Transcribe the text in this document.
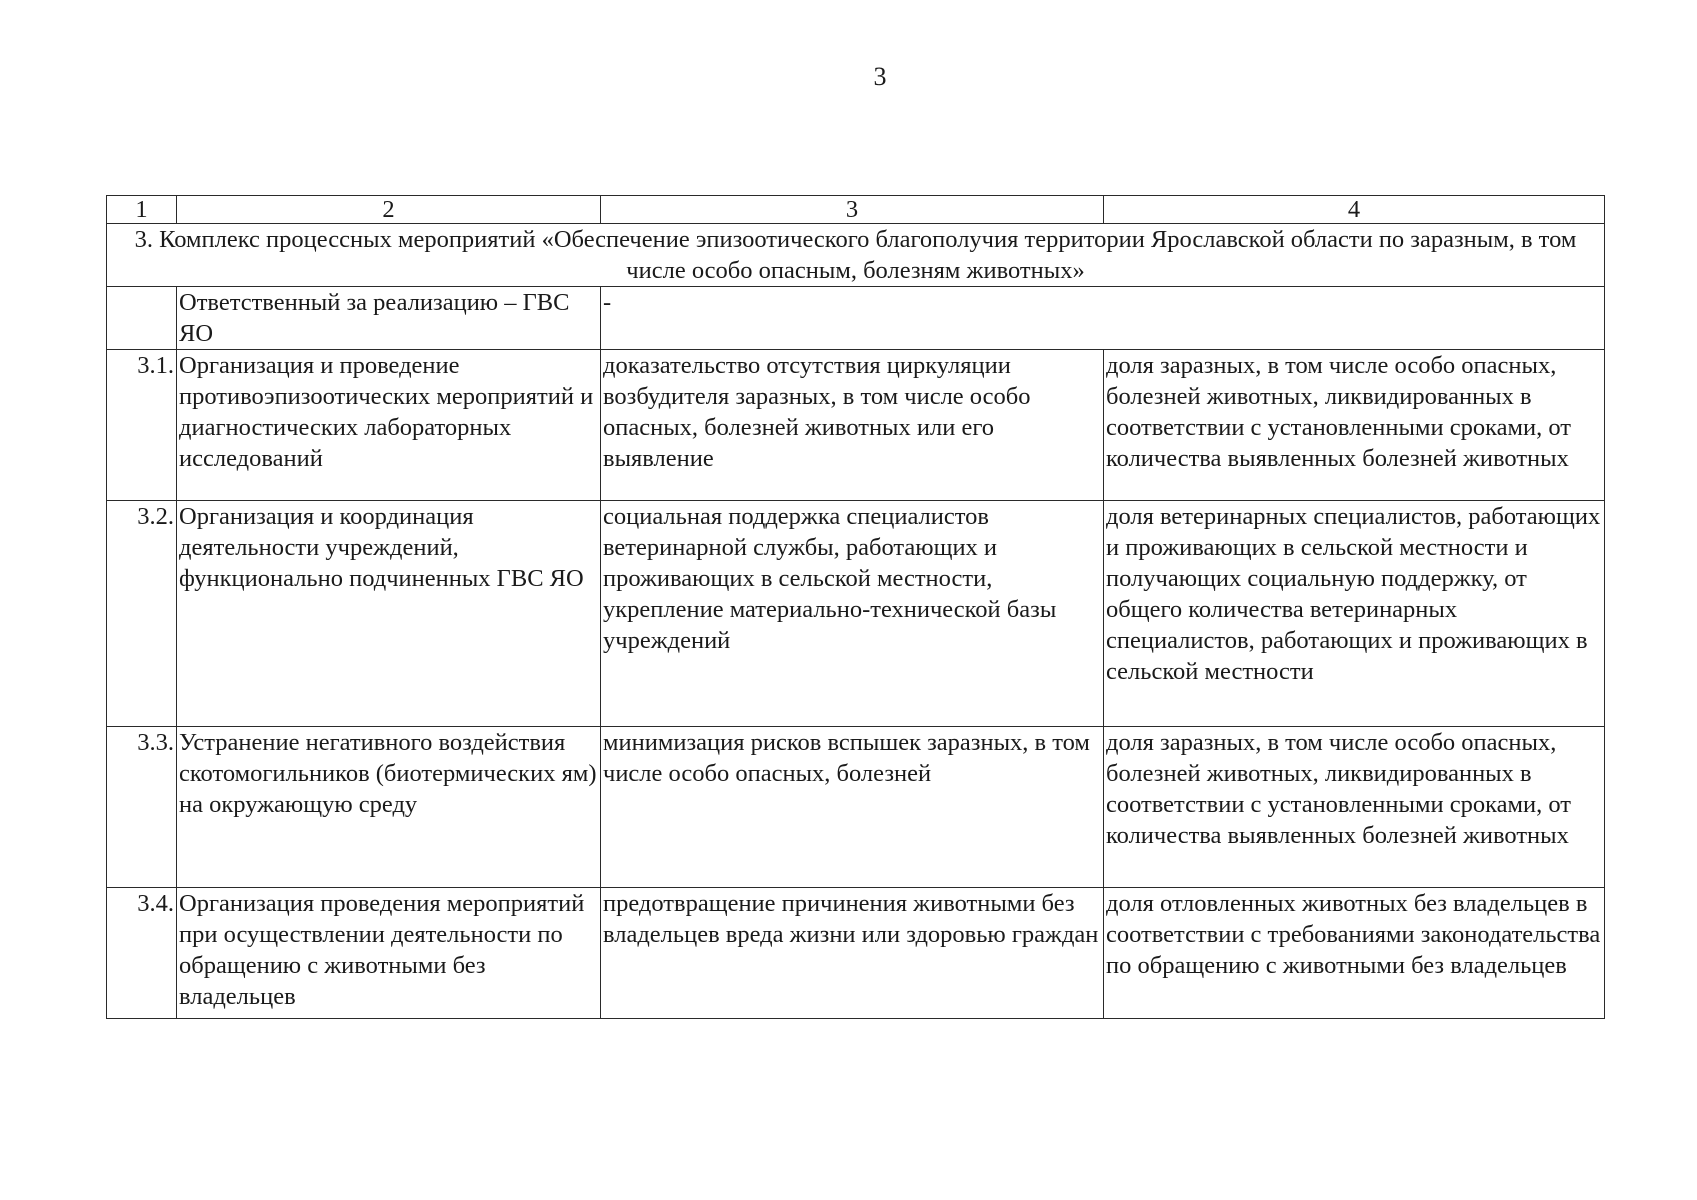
3
1	2	3	4
3. Комплекс процессных мероприятий «Обеспечение эпизоотического благополучия территории Ярославской области по заразным, в том числе особо опасным, болезням животных»			
	Ответственный за реализацию – ГВС ЯО	-	
3.1.	Организация и проведение противоэпизоотических мероприятий и диагностических лабораторных исследований	доказательство отсутствия циркуляции возбудителя заразных, в том числе особо опасных, болезней животных или его выявление	доля заразных, в том числе особо опасных, болезней животных, ликвидированных в соответствии с установленными сроками, от количества выявленных болезней животных
3.2.	Организация и координация деятельности учреждений, функционально подчиненных ГВС ЯО	социальная поддержка специалистов ветеринарной службы, работающих и проживающих в сельской местности, укрепление материально-технической базы учреждений	доля ветеринарных специалистов, работающих и проживающих в сельской местности и получающих социальную поддержку, от общего количества ветеринарных специалистов, работающих и проживающих в сельской местности
3.3.	Устранение негативного воздействия скотомогильников (биотермических ям) на окружающую среду	минимизация рисков вспышек заразных, в том числе особо опасных, болезней	доля заразных, в том числе особо опасных, болезней животных, ликвидированных в соответствии с установленными сроками, от количества выявленных болезней животных
3.4.	Организация проведения мероприятий при осуществлении деятельности по обращению с животными без владельцев	предотвращение причинения животными без владельцев вреда жизни или здоровью граждан	доля отловленных животных без владельцев в соответствии с требованиями законодательства по обращению с животными без владельцев
